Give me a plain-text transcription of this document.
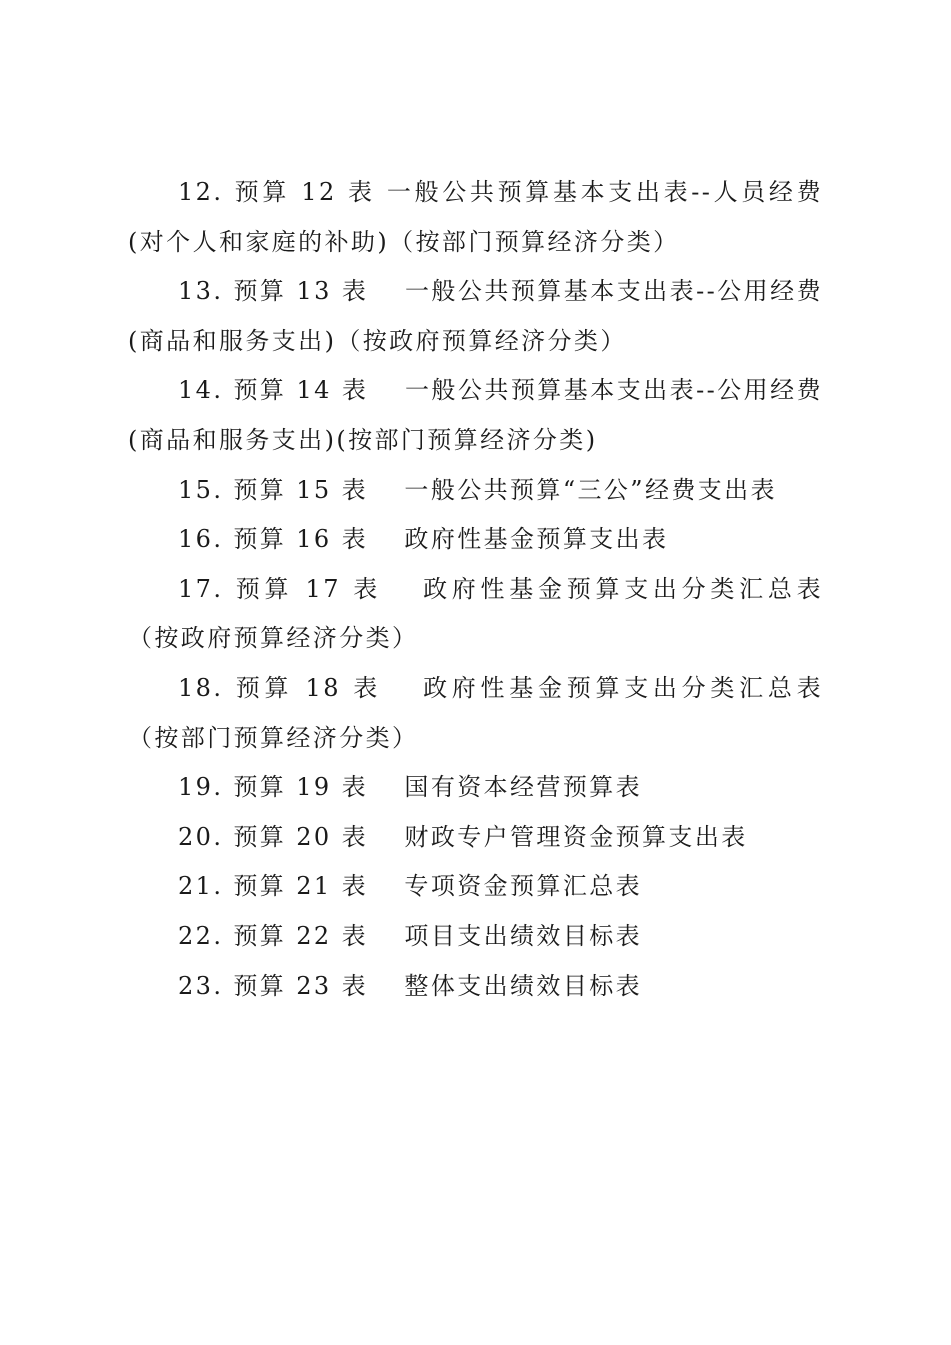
12. 预算 12 表 一般公共预算基本支出表--人员经费(对个人和家庭的补助)（按部门预算经济分类）

13. 预算 13 表　 一般公共预算基本支出表--公用经费(商品和服务支出)（按政府预算经济分类）

14. 预算 14 表　 一般公共预算基本支出表--公用经费(商品和服务支出)(按部门预算经济分类)

15. 预算 15 表　 一般公共预算“三公”经费支出表

16. 预算 16 表　 政府性基金预算支出表

17. 预算 17 表　 政府性基金预算支出分类汇总表（按政府预算经济分类）

18. 预算 18 表　 政府性基金预算支出分类汇总表（按部门预算经济分类）

19. 预算 19 表　 国有资本经营预算表

20. 预算 20 表　 财政专户管理资金预算支出表

21. 预算 21 表　 专项资金预算汇总表

22. 预算 22 表　 项目支出绩效目标表

23. 预算 23 表　 整体支出绩效目标表
